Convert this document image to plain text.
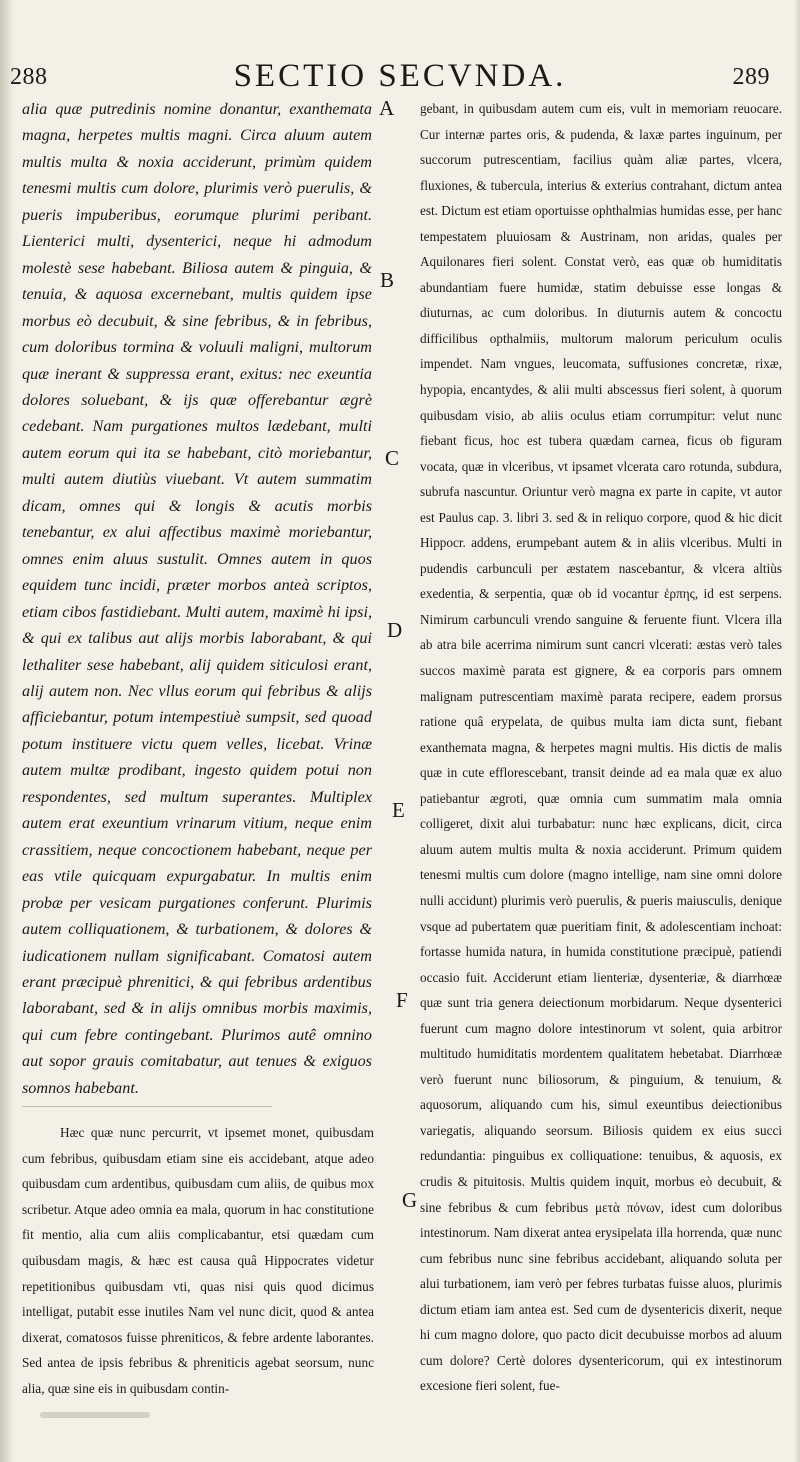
288	SECTIO SECVNDA.	289

alia quæ putredinis nomine donantur, exanthemata magna, herpetes multis magni. Circa aluum autem multis multa & noxia acciderunt, primùm quidem tenesmi multis cum dolore, plurimis verò puerulis, & pueris impuberibus, eorumque plurimi peribant. Lienterici multi, dysenterici, neque hi admodum molestè sese habebant. Biliosa autem & pinguia, & tenuia, & aquosa excernebant, multis quidem ipse morbus eò decubuit, & sine febribus, & in febribus, cum doloribus tormina & voluuli maligni, multorum quæ inerant & suppressa erant, exitus: nec exeuntia dolores soluebant, & ijs quæ offerebantur ægrè cedebant. Nam purgationes multos lædebant, multi autem eorum qui ita se habebant, citò moriebantur, multi autem diutiùs viuebant. Vt autem summatim dicam, omnes qui & longis & acutis morbis tenebantur, ex alui affectibus maximè moriebantur, omnes enim aluus sustulit. Omnes autem in quos equidem tunc incidi, præter morbos anteà scriptos, etiam cibos fastidiebant. Multi autem, maximè hi ipsi, & qui ex talibus aut alijs morbis laborabant, & qui lethaliter sese habebant, alij quidem siticulosi erant, alij autem non. Nec vllus eorum qui febribus & alijs afficiebantur, potum intempestiuè sumpsit, sed quoad potum instituere victu quem velles, licebat. Vrinæ autem multæ prodibant, ingesto quidem potui non respondentes, sed multum superantes. Multiplex autem erat exeuntium vrinarum vitium, neque enim crassitiem, neque concoctionem habebant, neque per eas vtile quicquam expurgabatur. In multis enim probæ per vesicam purgationes conferunt. Plurimis autem colliquationem, & turbationem, & dolores & iudicationem nullam significabant. Comatosi autem erant præcipuè phrenitici, & qui febribus ardentibus laborabant, sed & in alijs omnibus morbis maximis, qui cum febre contingebant. Plurimos autê omnino aut sopor grauis comitabatur, aut tenues & exiguos somnos habebant.

Hæc quæ nunc percurrit, vt ipsemet monet, quibusdam cum febribus, quibusdam etiam sine eis accidebant, atque adeo quibusdam cum ardentibus, quibusdam cum aliis, de quibus mox scribetur. Atque adeo omnia ea mala, quorum in hac constitutione fit mentio, alia cum aliis complicabantur, etsi quædam cum quibusdam magis, & hæc est causa quâ Hippocrates videtur repetitionibus quibusdam vti, quas nisi quis quod dicimus intelligat, putabit esse inutiles Nam vel nunc dicit, quod & antea dixerat, comatosos fuisse phreniticos, & febre ardente laborantes. Sed antea de ipsis febribus & phreniticis agebat seorsum, nunc alia, quæ sine eis in quibusdam contin-

gebant, in quibusdam autem cum eis, vult in memoriam reuocare. Cur internæ partes oris, & pudenda, & laxæ partes inguinum, per succorum putrescentiam, facilius quàm aliæ partes, vlcera, fluxiones, & tubercula, interius & exterius contrahant, dictum antea est. Dictum est etiam oportuisse ophthalmias humidas esse, per hanc tempestatem pluuiosam & Austrinam, non aridas, quales per Aquilonares fieri solent. Constat verò, eas quæ ob humiditatis abundantiam fuere humidæ, statim debuisse esse longas & diuturnas, ac cum doloribus. In diuturnis autem & concoctu difficilibus opthalmiis, multorum malorum periculum oculis impendet. Nam vngues, leucomata, suffusiones concretæ, rixæ, hypopia, encantydes, & alii multi abscessus fieri solent, à quorum quibusdam visio, ab aliis oculus etiam corrumpitur: velut nunc fiebant ficus, hoc est tubera quædam carnea, ficus ob figuram vocata, quæ in vlceribus, vt ipsamet vlcerata caro rotunda, subdura, subrufa nascuntur. Oriuntur verò magna ex parte in capite, vt autor est Paulus cap. 3. libri 3. sed & in reliquo corpore, quod & hic dicit Hippocr. addens, erumpebant autem & in aliis vlceribus. Multi in pudendis carbunculi per æstatem nascebantur, & vlcera altiùs exedentia, & serpentia, quæ ob id vocantur ἑρπης, id est serpens. Nimirum carbunculi vrendo sanguine & feruente fiunt. Vlcera illa ab atra bile acerrima nimirum sunt cancri vlcerati: æstas verò tales succos maximè parata est gignere, & ea corporis pars omnem malignam putrescentiam maximè parata recipere, eadem prorsus ratione quâ erypelata, de quibus multa iam dicta sunt, fiebant exanthemata magna, & herpetes magni multis. His dictis de malis quæ in cute efflorescebant, transit deinde ad ea mala quæ ex aluo patiebantur ægroti, quæ omnia cum summatim mala omnia colligeret, dixit alui turbabatur: nunc hæc explicans, dicit, circa aluum autem multis multa & noxia acciderunt. Primum quidem tenesmi multis cum dolore (magno intellige, nam sine omni dolore nulli accidunt) plurimis verò puerulis, & pueris maiusculis, denique vsque ad pubertatem quæ pueritiam finit, & adolescentiam inchoat: fortasse humida natura, in humida constitutione præcipuè, patiendi occasio fuit. Acciderunt etiam lienteriæ, dysenteriæ, & diarrhœæ quæ sunt tria genera deiectionum morbidarum. Neque dysenterici fuerunt cum magno dolore intestinorum vt solent, quia arbitror multitudo humiditatis mordentem qualitatem hebetabat. Diarrhœæ verò fuerunt nunc biliosorum, & pinguium, & tenuium, & aquosorum, aliquando cum his, simul exeuntibus deiectionibus variegatis, aliquando seorsum. Biliosis quidem ex eius succi redundantia: pinguibus ex colliquatione: tenuibus, & aquosis, ex crudis & pituitosis. Multis quidem inquit, morbus eò decubuit, & sine febribus & cum febribus μετὰ πόνων, idest cum doloribus intestinorum. Nam dixerat antea erysipelata illa horrenda, quæ nunc cum febribus nunc sine febribus accidebant, aliquando soluta per alui turbationem, iam verò per febres turbatas fuisse aluos, plurimis dictum etiam iam antea est. Sed cum de dysentericis dixerit, neque hi cum magno dolore, quo pacto dicit decubuisse morbos ad aluum cum dolore? Certè dolores dysentericorum, qui ex intestinorum excesione fieri solent, fue-

A
B
C
D
E
F
G
